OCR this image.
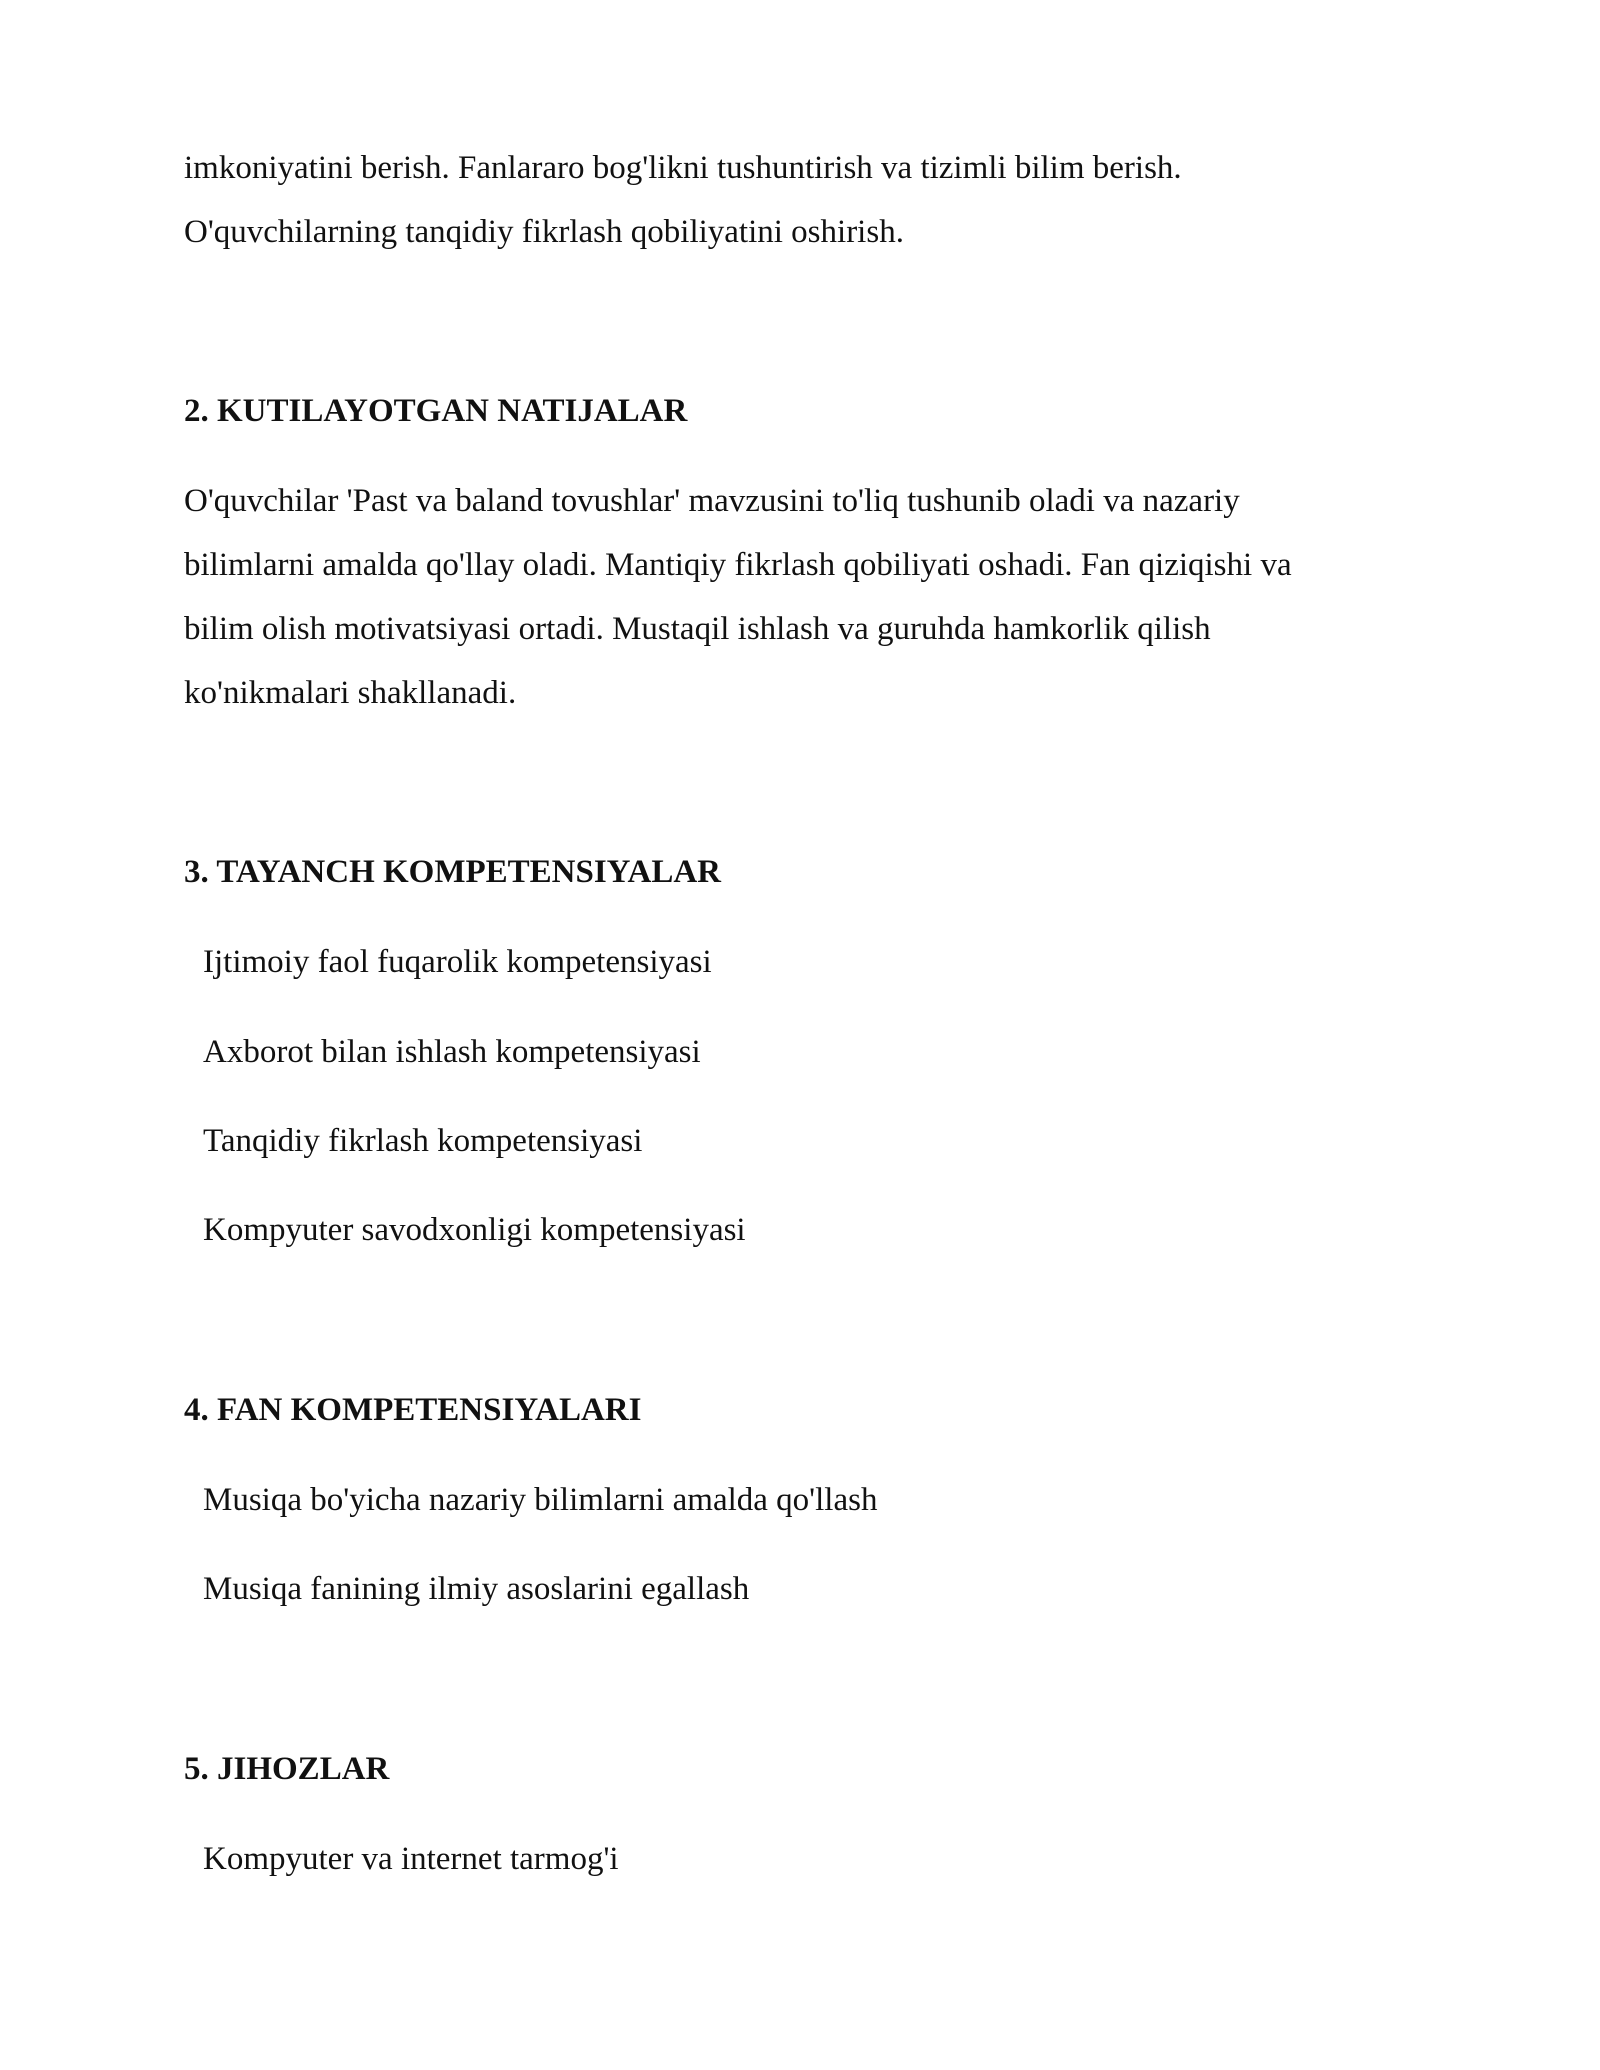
imkoniyatini berish. Fanlararo bog'likni tushuntirish va tizimli bilim berish.
O'quvchilarning tanqidiy fikrlash qobiliyatini oshirish.
2. KUTILAYOTGAN NATIJALAR
O'quvchilar 'Past va baland tovushlar' mavzusini to'liq tushunib oladi va nazariy
bilimlarni amalda qo'llay oladi. Mantiqiy fikrlash qobiliyati oshadi. Fan qiziqishi va
bilim olish motivatsiyasi ortadi. Mustaqil ishlash va guruhda hamkorlik qilish
ko'nikmalari shakllanadi.
3. TAYANCH KOMPETENSIYALAR
Ijtimoiy faol fuqarolik kompetensiyasi
Axborot bilan ishlash kompetensiyasi
Tanqidiy fikrlash kompetensiyasi
Kompyuter savodxonligi kompetensiyasi
4. FAN KOMPETENSIYALARI
Musiqa bo'yicha nazariy bilimlarni amalda qo'llash
Musiqa fanining ilmiy asoslarini egallash
5. JIHOZLAR
Kompyuter va internet tarmog'i
